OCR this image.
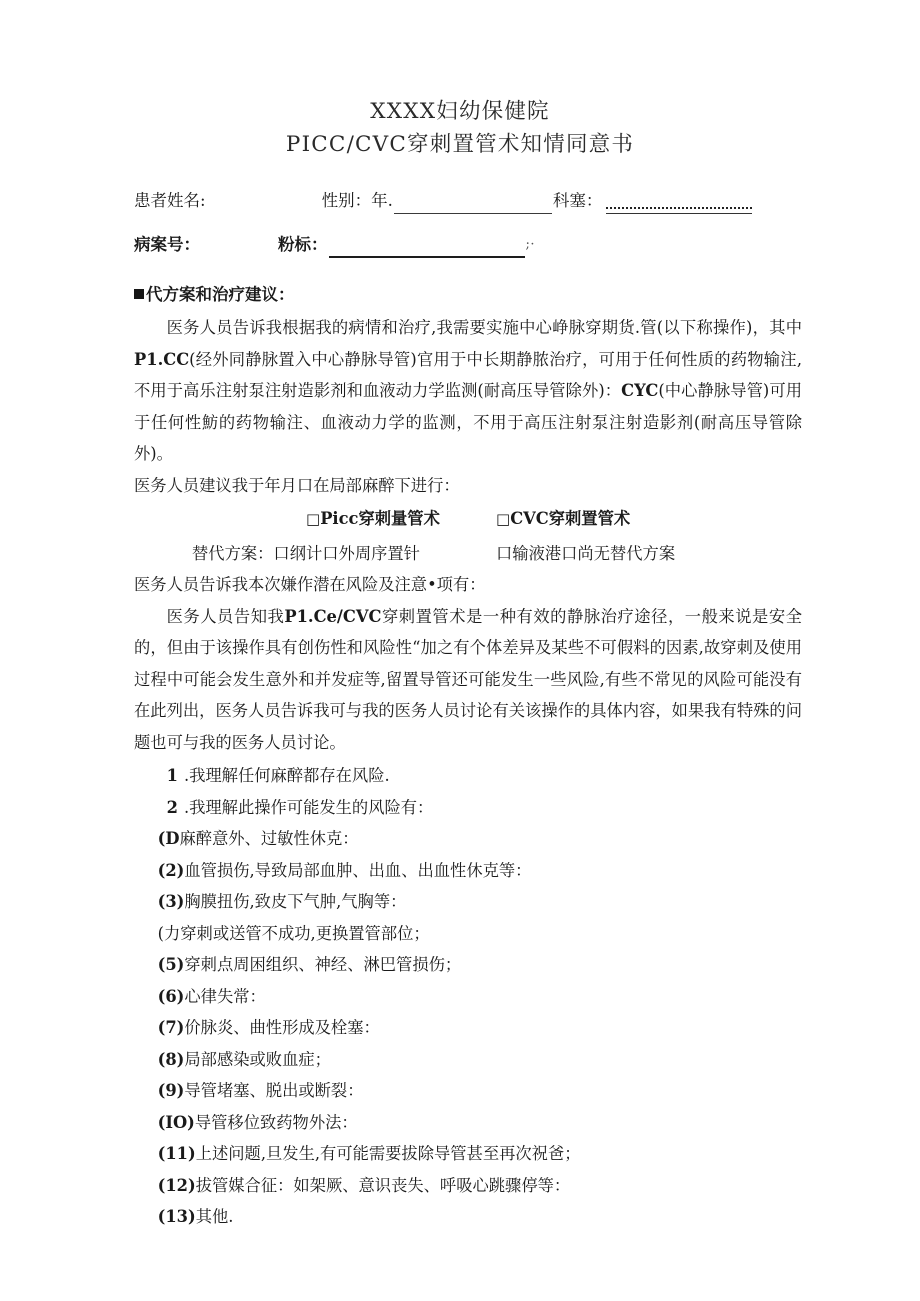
XXXX妇幼保健院
PICC/CVC穿刺置管术知情同意书
患者姓名:	性别：年.	科塞：
病案号：	粉标：	;·
代方案和治疗建议：

医务人员告诉我根据我的病情和治疗,我需要实施中心峥脉穿期货.管(以下称操作)，其中P1.CC(经外同静脉置入中心静脉导管)官用于中长期静脓治疗，可用于任何性质的药物输注,不用于高乐注射泵注射造影剂和血液动力学监测(耐高压导管除外)：CYC(中心静脉导管)可用于任何性魴的药物输注、血液动力学的监测，不用于高压注射泵注射造影剂(耐高压导管除外)。

医务人员建议我于年月口在局部麻醉下进行：

□Picc穿刺量管术	□CVC穿刺置管术
替代方案：口纲计口外周序置针	口输液港口尚无替代方案

医务人员告诉我本次嫌作潜在风险及注意•项有：

医务人员告知我P1.Ce/CVC穿刺置管术是一种有效的静脉治疗途径，一般来说是安全的，但由于该操作具有创伤性和风险性“加之有个体差异及某些不可假料的因素,故穿刺及使用过程中可能会发生意外和并发症等,留置导管还可能发生一些风险,有些不常见的风险可能没有在此列出，医务人员告诉我可与我的医务人员讨论有关该操作的具体内容，如果我有特殊的问题也可与我的医务人员讨论。

1 .我理解任何麻醉都存在风险.
2 .我理解此操作可能发生的风险有：
(D麻醉意外、过敏性休克：
(2)血管损伤,导致局部血肿、出血、出血性休克等：
(3)胸膜扭伤,致皮下气肿,气胸等：
(力穿刺或送管不成功,更换置管部位；
(5)穿刺点周困组织、神经、淋巴管损伤；
(6)心律失常：
(7)价脉炎、曲性形成及栓塞：
(8)局部感染或败血症；
(9)导管堵塞、脱出或断裂：
(IO)导管移位致药物外法：
(11)上述问题,旦发生,有可能需要拔除导管甚至再次祝爸；
(12)拔管媒合征：如架厥、意识丧失、呼吸心跳骤停等：
(13)其他.
